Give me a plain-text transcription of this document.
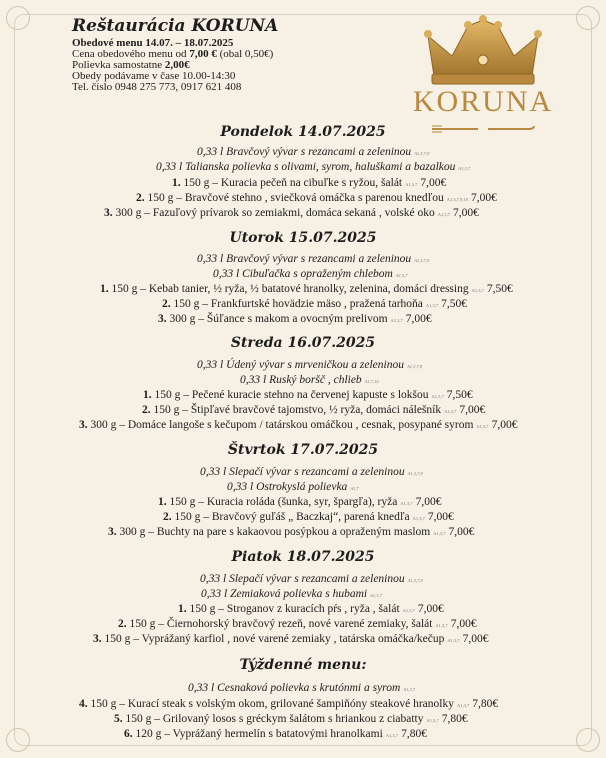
Reštaurácia KORUNA
Obedové menu 14.07. – 18.07.2025
Cena obedového menu od 7,00 € (obal 0,50€)
Polievka samostatne 2,00€
Obedy podávame v čase 10.00-14:30
Tel. číslo 0948 275 773, 0917 621 408	KORUNA
Pondelok 14.07.2025
0,33 l Bravčový vývar s rezancami a zeleninou A1,3,7,9
0,33 l Talianska polievka s olivami, syrom, haluškami a bazalkou A1,3,7
1. 150 g – Kuracia pečeň na cibuľke s ryžou, šalát A1,3,7 7,00€
2. 150 g – Bravčové stehno , sviečková omáčka s parenou knedľou A1,3,7,9,10 7,00€
3. 300 g – Fazuľový prívarok so zemiakmi, domáca sekaná , volské oko A1,3,7 7,00€
Utorok 15.07.2025
0,33 l Bravčový vývar s rezancami a zeleninou A1,3,7,9
0,33 l Cibuľačka s opraženým chlebom A1,3,7
1. 150 g – Kebab tanier, ½ ryža, ½ batatové hranolky, zelenina, domáci dressing A1,3,7 7,50€
2. 150 g – Frankfurtské hovädzie mäso , pražená tarhoňa A1,3,7 7,50€
3. 300 g – Šúľance s makom a ovocným prelivom A1,3,7 7,00€
Streda 16.07.2025
0,33 l Údený vývar s mrveničkou a zeleninou A1,3,7,9
0,33 l Ruský boršč , chlieb A1,7,10
1. 150 g – Pečené kuracie stehno na červenej kapuste s lokšou A1,3,7 7,50€
2. 150 g – Štipľavé bravčové tajomstvo, ½ ryža, domáci nálešník A1,3,7 7,00€
3. 300 g – Domáce langoše s kečupom / tatárskou omáčkou , cesnak, posypané syrom A1,3,7 7,00€
Štvrtok 17.07.2025
0,33 l Slepačí vývar s rezancami a zeleninou A1,3,7,9
0,33 l Ostrokyslá polievka A1,7
1. 150 g – Kuracia roláda (šunka, syr, špargľa), ryža A1,3,7 7,00€
2. 150 g – Bravčový guľáš „ Baczkaj“, parená knedľa A1,3,7 7,00€
3. 300 g – Buchty na pare s kakaovou posýpkou a opraženým maslom A1,3,7 7,00€
Piatok 18.07.2025
0,33 l Slepačí vývar s rezancami a zeleninou A1,3,7,9
0,33 l Zemiaková polievka s hubami A1,3,7
1. 150 g – Stroganov z kuracích pŕs , ryža , šalát A1,3,7 7,00€
2. 150 g – Čiernohorský bravčový rezeň, nové varené zemiaky, šalát A1,3,7 7,00€
3. 150 g – Vyprážaný karfiol , nové varené zemiaky , tatárska omáčka/kečup A1,3,7 7,00€
Týždenné menu:
0,33 l Cesnaková polievka s krutónmi a syrom A1,3,7
4. 150 g – Kurací steak s volským okom, grilované šampiňóny steakové hranolky A1,3,7 7,80€
5. 150 g – Grilovaný losos s gréckym šalátom s hriankou z ciabatty A1,3,7 7,80€
6. 120 g – Vyprážaný hermelín s batatovými hranolkami A1,3,7 7,80€
